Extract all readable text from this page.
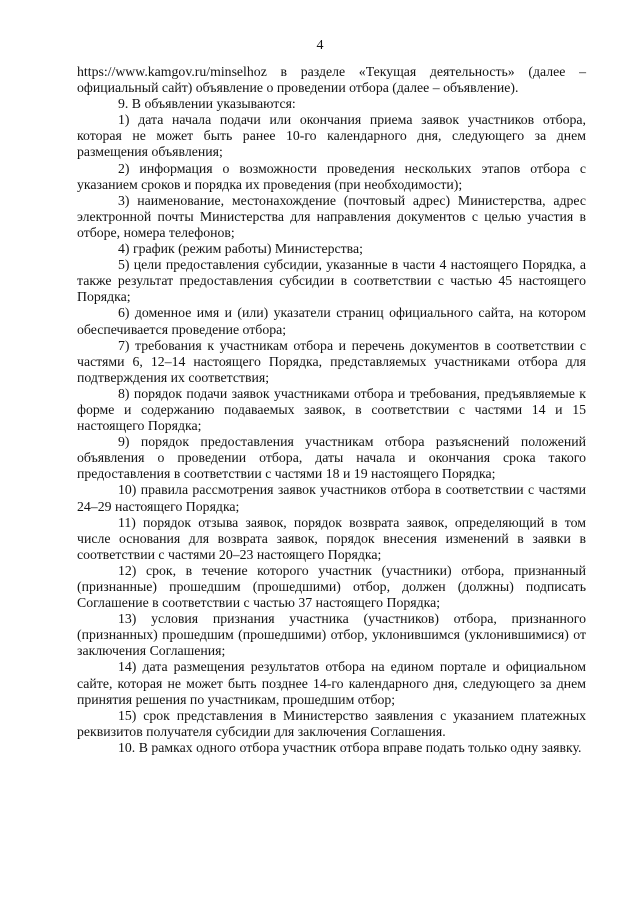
4

https://www.kamgov.ru/minselhoz в разделе «Текущая деятельность» (далее – официальный сайт) объявление о проведении отбора (далее – объявление).

9. В объявлении указываются:

1) дата начала подачи или окончания приема заявок участников отбора, которая не может быть ранее 10-го календарного дня, следующего за днем размещения объявления;

2) информация о возможности проведения нескольких этапов отбора с указанием сроков и порядка их проведения (при необходимости);

3) наименование, местонахождение (почтовый адрес) Министерства, адрес электронной почты Министерства для направления документов с целью участия в отборе, номера телефонов;

4) график (режим работы) Министерства;

5) цели предоставления субсидии, указанные в части 4 настоящего Порядка, а также результат предоставления субсидии в соответствии с частью 45 настоящего Порядка;

6) доменное имя и (или) указатели страниц официального сайта, на котором обеспечивается проведение отбора;

7) требования к участникам отбора и перечень документов в соответствии с частями 6, 12–14 настоящего Порядка, представляемых участниками отбора для подтверждения их соответствия;

8) порядок подачи заявок участниками отбора и требования, предъявляемые к форме и содержанию подаваемых заявок, в соответствии с частями 14 и 15 настоящего Порядка;

9) порядок предоставления участникам отбора разъяснений положений объявления о проведении отбора, даты начала и окончания срока такого предоставления в соответствии с частями 18 и 19 настоящего Порядка;

10) правила рассмотрения заявок участников отбора в соответствии с частями 24–29 настоящего Порядка;

11) порядок отзыва заявок, порядок возврата заявок, определяющий в том числе основания для возврата заявок, порядок внесения изменений в заявки в соответствии с частями 20–23 настоящего Порядка;

12) срок, в течение которого участник (участники) отбора, признанный (признанные) прошедшим (прошедшими) отбор, должен (должны) подписать Соглашение в соответствии с частью 37 настоящего Порядка;

13) условия признания участника (участников) отбора, признанного (признанных) прошедшим (прошедшими) отбор, уклонившимся (уклонившимися) от заключения Соглашения;

14) дата размещения результатов отбора на едином портале и официальном сайте, которая не может быть позднее 14-го календарного дня, следующего за днем принятия решения по участникам, прошедшим отбор;

15) срок представления в Министерство заявления с указанием платежных реквизитов получателя субсидии для заключения Соглашения.

10. В рамках одного отбора участник отбора вправе подать только одну заявку.
